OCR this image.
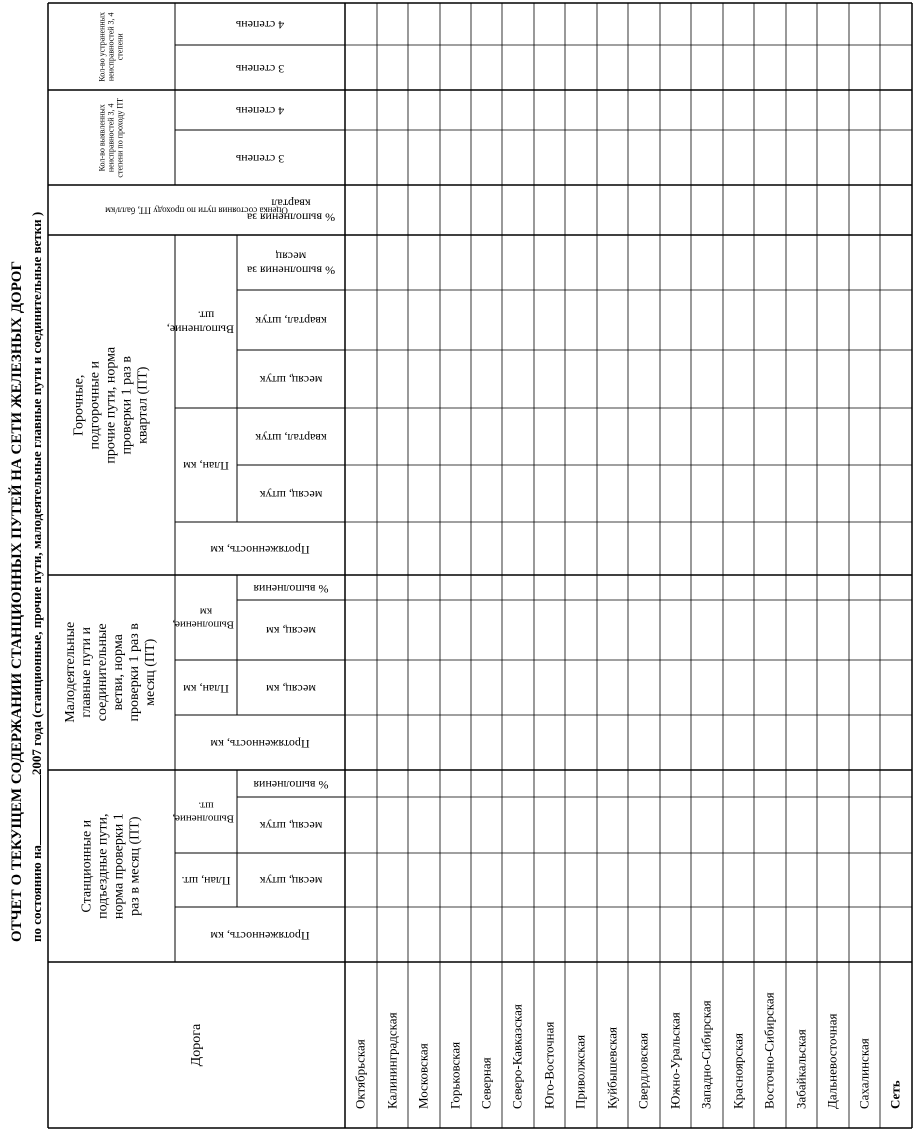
ОТЧЕТ О ТЕКУЩЕМ СОДЕРЖАНИИ СТАНЦИОННЫХ ПУТЕЙ НА СЕТИ ЖЕЛЕЗНЫХ ДОРОГ по состоянию на2007 года (станционные, прочие пути, малодеятельные главные пути и соединительные ветки )
Дорога
Станционные и подъездные пути, норма проверки 1 раз в месяц (ПТ)
Малодеятельные главные пути и соединительные ветви, норма проверки 1 раз в месяц (ПТ)
Горочные, подгорочные и прочие пути, норма проверки 1 раз в квартал (ПТ)
Оценка состояния пути по проходу ПТ, балл/км
Кол-во выявленных неисправностей 3, 4 степени по проходу ПТ
Кол-во устраненных неисправностей 3, 4 степени
Протяженность, км
План, шт.	месяц, штук
Выполнение, шт.
месяц, штук
% выполнения
Протяженность, км
План, км	месяц, км
Выполнение, км
месяц, км
% выполнения
Протяженность, км
План, км
месяц, штук
квартал, штук
Выполнение, шт.
месяц, штук
квартал, штук
% выполнения за месяц
% выполнения за квартал
3 степень
4 степень
3 степень
4 степень
Октябрьская Калининградская Московская Горьковская Северная Северо-Кавказская Юго-Восточная Приволжская Куйбышевская Свердловская Южно-Уральская Западно-Сибирская Красноярская Восточно-Сибирская Забайкальская Дальневосточная Сахалинская Сеть
